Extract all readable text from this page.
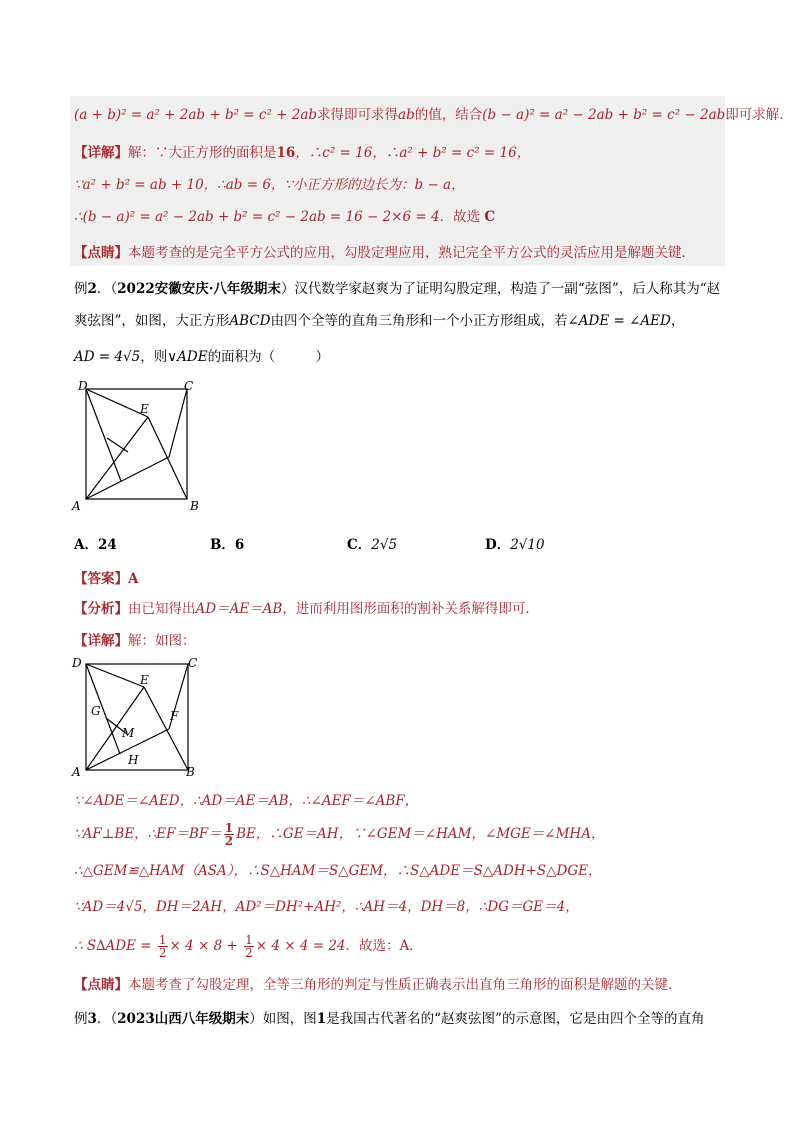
(a + b)² = a² + 2ab + b² = c² + 2ab求得即可求得ab的值，结合(b − a)² = a² − 2ab + b² = c² − 2ab即可求解．
【详解】解：∵大正方形的面积是16，∴c² = 16，∴a² + b² = c² = 16，
∵a² + b² = ab + 10，∴ab = 6，∵小正方形的边长为：b − a，
∴(b − a)² = a² − 2ab + b² = c² − 2ab = 16 − 2×6 = 4．故选 C
【点睛】本题考查的是完全平方公式的应用，勾股定理应用，熟记完全平方公式的灵活应用是解题关键．
例2．（2022安徽安庆·八年级期末）汉代数学家赵爽为了证明勾股定理，构造了一副“弦图”，后人称其为“赵
爽弦图”，如图，大正方形ABCD由四个全等的直角三角形和一个小正方形组成，若∠ADE = ∠AED，
AD = 4√5，则∨ADE的面积为（　　　）
D	C
E
A	B
A．24	B．6	C．2√5	D．2√10
【答案】A
【分析】由已知得出AD＝AE＝AB，进而利用图形面积的割补关系解得即可．
【详解】解：如图：
D	C
E
G	F
M
H
A	B
∵∠ADE＝∠AED，∴AD＝AE＝AB，∴∠AEF＝∠ABF，
∵AF⊥BE，∴EF＝BF＝ $\frac{1}{2}$ BE，∴GE＝AH，∵∠GEM＝∠HAM，∠MGE＝∠MHA，
∴△GEM≌△HAM（ASA），∴S△HAM＝S△GEM，∴S△ADE＝S△ADH+S△DGE，
∵AD＝4√5，DH＝2AH，AD²＝DH²+AH²，∴AH＝4，DH＝8，∴DG＝GE＝4，
∴ $S\Delta ADE = \frac{1}{2} \times 4 \times 8 + \frac{1}{2} \times 4 \times 4 = 24$．故选：A．
【点睛】本题考查了勾股定理，全等三角形的判定与性质正确表示出直角三角形的面积是解题的关键．
例3．（2023山西八年级期末）如图，图1是我国古代著名的“赵爽弦图”的示意图，它是由四个全等的直角
